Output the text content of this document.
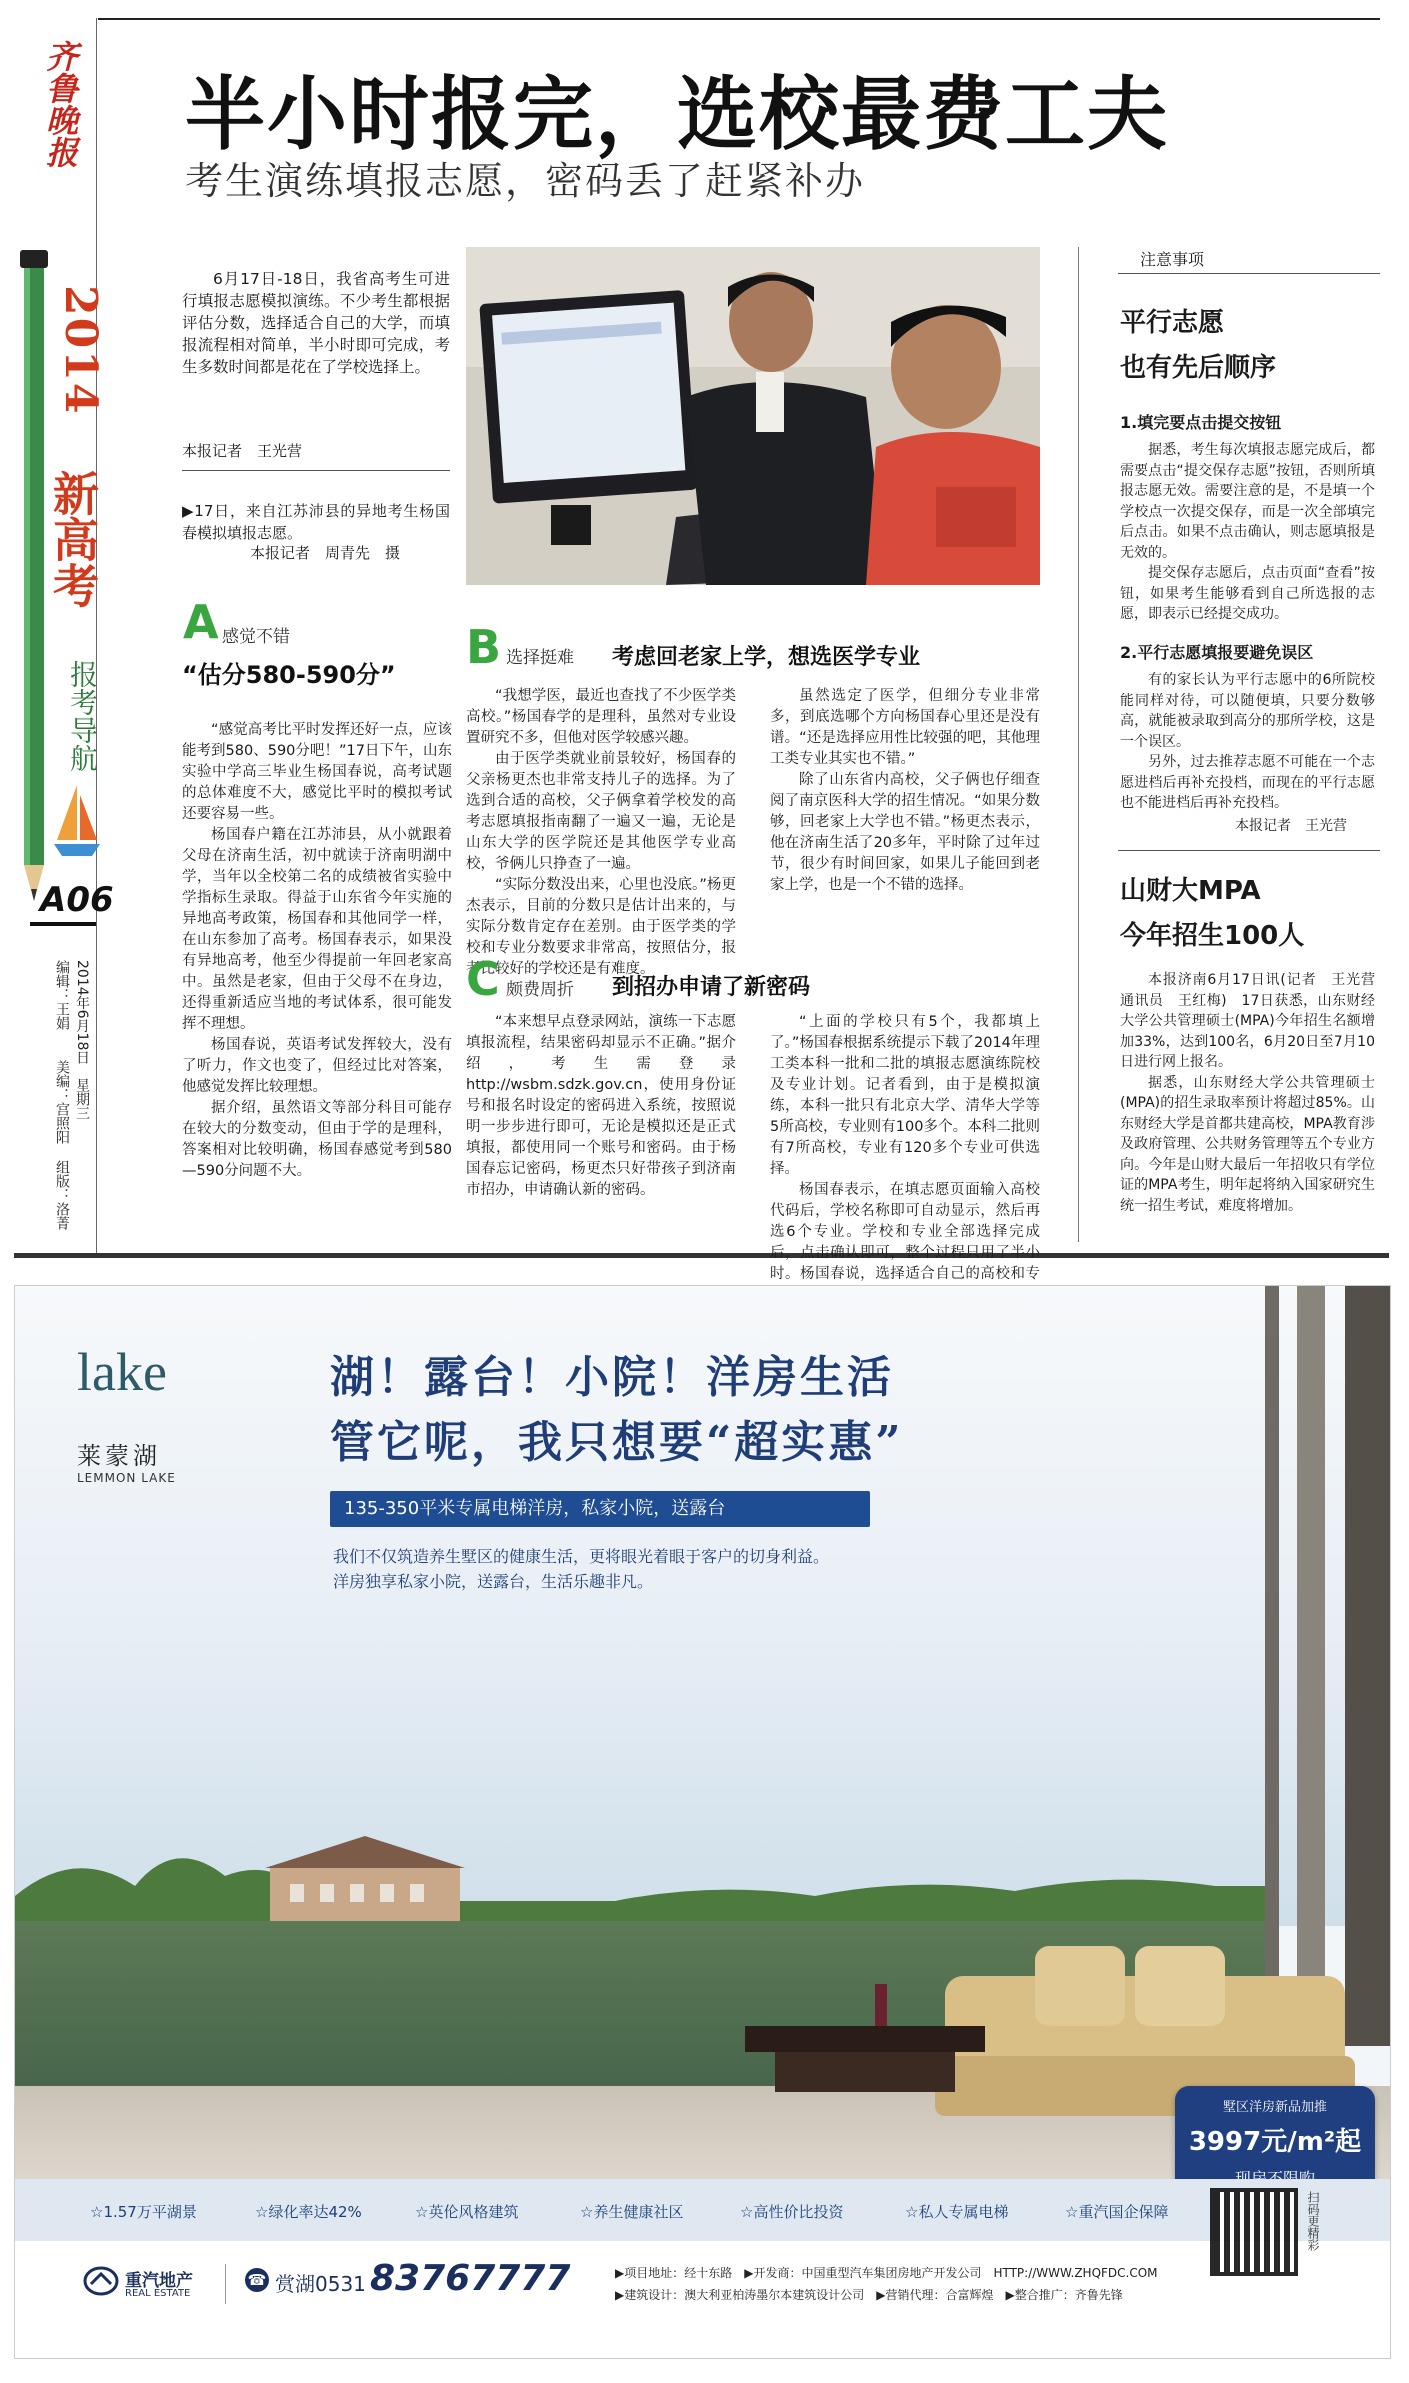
齐鲁晚报
2014
新高考
报考导航
A06
2014年6月18日　星期三
编辑：王娟
美编：宫照阳
组版：洛菁
半小时报完，选校最费工夫
考生演练填报志愿，密码丢了赶紧补办

6月17日-18日，我省高考生可进行填报志愿模拟演练。不少考生都根据评估分数，选择适合自己的大学，而填报流程相对简单，半小时即可完成，考生多数时间都是花在了学校选择上。

本报记者　王光营

▶17日，来自江苏沛县的异地考生杨国春模拟填报志愿。

本报记者　周青先　摄
A 感觉不错
“估分580-590分”

“感觉高考比平时发挥还好一点，应该能考到580、590分吧！”17日下午，山东实验中学高三毕业生杨国春说，高考试题的总体难度不大，感觉比平时的模拟考试还要容易一些。

杨国春户籍在江苏沛县，从小就跟着父母在济南生活，初中就读于济南明湖中学，当年以全校第二名的成绩被省实验中学指标生录取。得益于山东省今年实施的异地高考政策，杨国春和其他同学一样，在山东参加了高考。杨国春表示，如果没有异地高考，他至少得提前一年回老家高中。虽然是老家，但由于父母不在身边，还得重新适应当地的考试体系，很可能发挥不理想。

杨国春说，英语考试发挥较大，没有了听力，作文也变了，但经过比对答案，他感觉发挥比较理想。

据介绍，虽然语文等部分科目可能存在较大的分数变动，但由于学的是理科，答案相对比较明确，杨国春感觉考到580—590分问题不大。

B 选择挺难 考虑回老家上学，想选医学专业

“我想学医，最近也查找了不少医学类高校。”杨国春学的是理科，虽然对专业设置研究不多，但他对医学较感兴趣。

由于医学类就业前景较好，杨国春的父亲杨更杰也非常支持儿子的选择。为了选到合适的高校，父子俩拿着学校发的高考志愿填报指南翻了一遍又一遍，无论是山东大学的医学院还是其他医学专业高校，爷俩儿只挣查了一遍。

“实际分数没出来，心里也没底。”杨更杰表示，目前的分数只是估计出来的，与实际分数肯定存在差别。由于医学类的学校和专业分数要求非常高，按照估分，报考比较好的学校还是有难度。

虽然选定了医学，但细分专业非常多，到底选哪个方向杨国春心里还是没有谱。“还是选择应用性比较强的吧，其他理工类专业其实也不错。”

除了山东省内高校，父子俩也仔细查阅了南京医科大学的招生情况。“如果分数够，回老家上大学也不错。”杨更杰表示，他在济南生活了20多年，平时除了过年过节，很少有时间回家，如果儿子能回到老家上学，也是一个不错的选择。

C 颇费周折 到招办申请了新密码

“本来想早点登录网站，演练一下志愿填报流程，结果密码却显示不正确。”据介绍，考生需登录http://wsbm.sdzk.gov.cn，使用身份证号和报名时设定的密码进入系统，按照说明一步步进行即可，无论是模拟还是正式填报，都使用同一个账号和密码。由于杨国春忘记密码，杨更杰只好带孩子到济南市招办，申请确认新的密码。

“上面的学校只有5个，我都填上了。”杨国春根据系统提示下载了2014年理工类本科一批和二批的填报志愿演练院校及专业计划。记者看到，由于是模拟演练，本科一批只有北京大学、清华大学等5所高校，专业则有100多个。本科二批则有7所高校，专业有120多个专业可供选择。

杨国春表示，在填志愿页面输入高校代码后，学校名称即可自动显示，然后再选6个专业。学校和专业全部选择完成后，点击确认即可，整个过程只用了半小时。杨国春说，选择适合自己的高校和专

注意事项
平行志愿
也有先后顺序
1.填完要点击提交按钮

据悉，考生每次填报志愿完成后，都需要点击“提交保存志愿”按钮，否则所填报志愿无效。需要注意的是，不是填一个学校点一次提交保存，而是一次全部填完后点击。如果不点击确认，则志愿填报是无效的。

提交保存志愿后，点击页面“查看”按钮，如果考生能够看到自己所选报的志愿，即表示已经提交成功。

2.平行志愿填报要避免误区

有的家长认为平行志愿中的6所院校能同样对待，可以随便填，只要分数够高，就能被录取到高分的那所学校，这是一个误区。

另外，过去推荐志愿不可能在一个志愿进档后再补充投档，而现在的平行志愿也不能进档后再补充投档。

本报记者　王光营
山财大MPA
今年招生100人

本报济南6月17日讯(记者　王光营　通讯员　王红梅)　17日获悉，山东财经大学公共管理硕士(MPA)今年招生名额增加33%，达到100名，6月20日至7月10日进行网上报名。

据悉，山东财经大学公共管理硕士(MPA)的招生录取率预计将超过85%。山东财经大学是首都共建高校，MPA教育涉及政府管理、公共财务管理等五个专业方向。今年是山财大最后一年招收只有学位证的MPA考生，明年起将纳入国家研究生统一招生考试，难度将增加。

lake
莱蒙湖
LEMMON LAKE
湖！露台！小院！洋房生活
管它呢，我只想要“超实惠”
135-350平米专属电梯洋房，私家小院，送露台
我们不仅筑造养生墅区的健康生活，更将眼光着眼于客户的切身利益。
洋房独享私家小院，送露台，生活乐趣非凡。
墅区洋房新品加推
3997元/m²起
☆1.57万平湖景	☆绿化率达42%	☆英伦风格建筑	☆养生健康社区	☆高性价比投资	☆私人专属电梯	☆重汽国企保障
重汽地产
REAL ESTATE
☎ 赏湖0531 83767777	▶项目地址：经十东路　▶开发商：中国重型汽车集团房地产开发公司　HTTP://WWW.ZHQFDC.COM
▶建筑设计：澳大利亚柏涛墨尔本建筑设计公司　▶营销代理：合富辉煌　▶整合推广：齐鲁先锋
扫码更精彩
